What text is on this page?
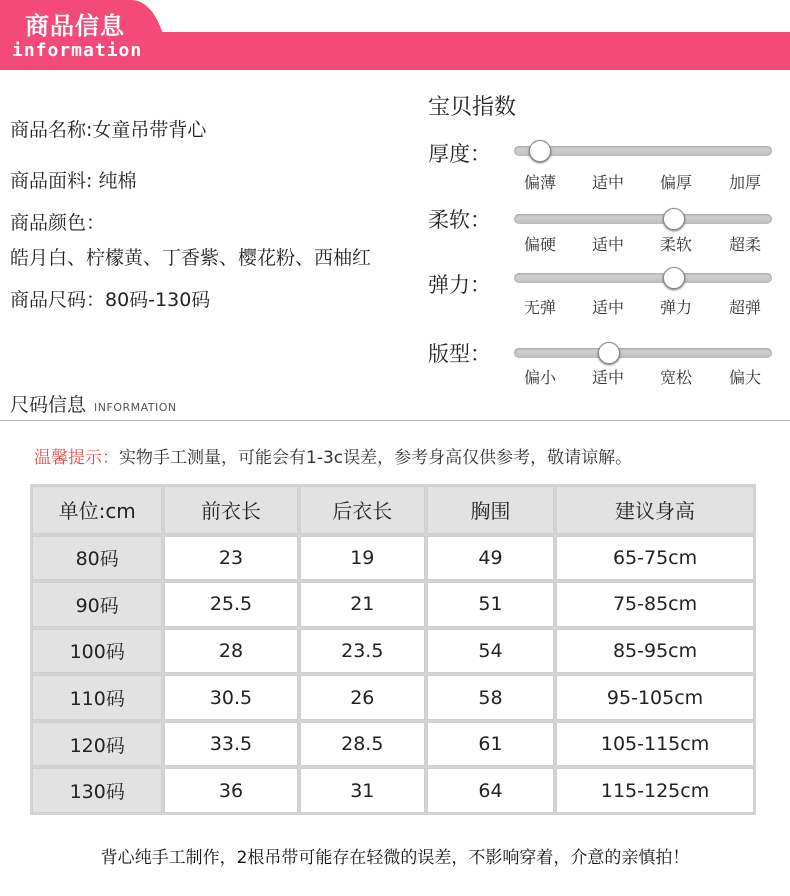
商品信息
information
商品名称:女童吊带背心
商品面料: 纯棉
商品颜色：
皓月白、柠檬黄、丁香紫、樱花粉、西柚红
商品尺码：80码-130码
宝贝指数
厚度：
偏薄	适中	偏厚	加厚
柔软：
偏硬	适中	柔软	超柔
弹力：
无弹	适中	弹力	超弹
版型：
偏小	适中	宽松	偏大
尺码信息 INFORMATION
温馨提示：实物手工测量，可能会有1-3c误差，参考身高仅供参考，敬请谅解。
单位:cm	前衣长	后衣长	胸围	建议身高
80码	23	19	49	65-75cm
90码	25.5	21	51	75-85cm
100码	28	23.5	54	85-95cm
110码	30.5	26	58	95-105cm
120码	33.5	28.5	61	105-115cm
130码	36	31	64	115-125cm
背心纯手工制作，2根吊带可能存在轻微的误差，不影响穿着，介意的亲慎拍！
